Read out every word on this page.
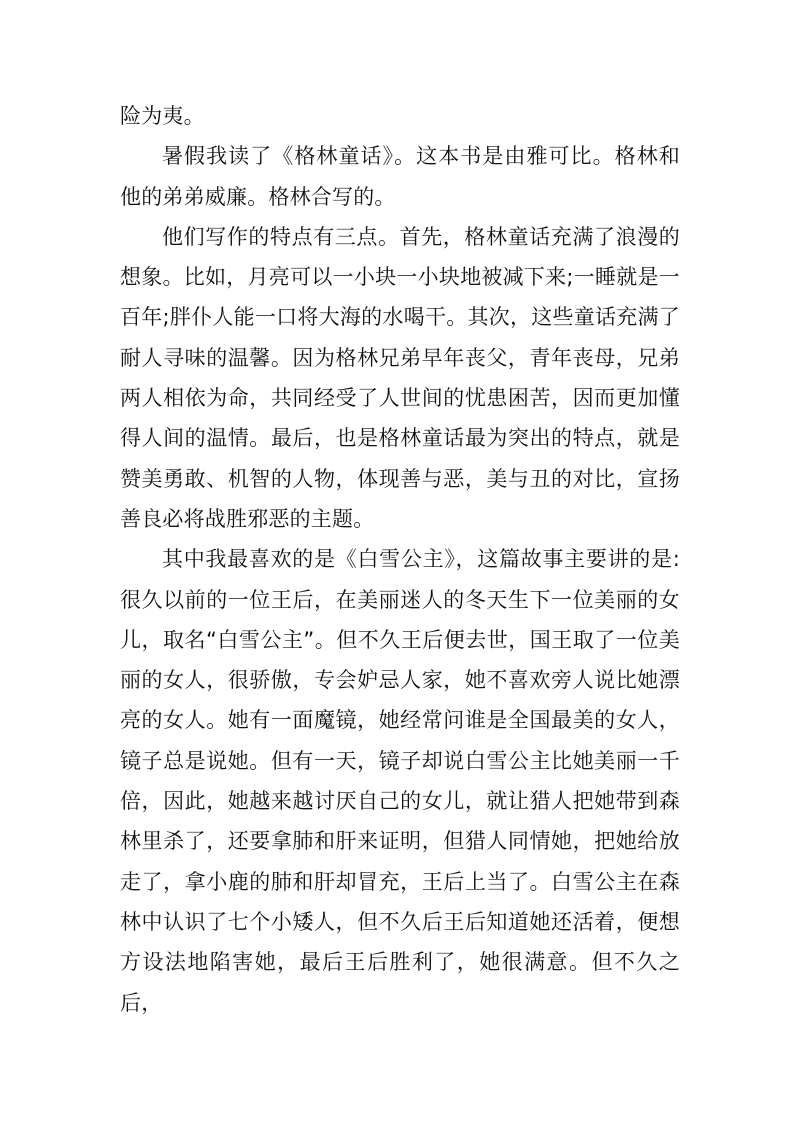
险为夷。

暑假我读了《格林童话》。这本书是由雅可比。格林和他的弟弟威廉。格林合写的。

他们写作的特点有三点。首先，格林童话充满了浪漫的想象。比如，月亮可以一小块一小块地被减下来;一睡就是一百年;胖仆人能一口将大海的水喝干。其次，这些童话充满了耐人寻味的温馨。因为格林兄弟早年丧父，青年丧母，兄弟两人相依为命，共同经受了人世间的忧患困苦，因而更加懂得人间的温情。最后，也是格林童话最为突出的特点，就是赞美勇敢、机智的人物，体现善与恶，美与丑的对比，宣扬善良必将战胜邪恶的主题。

其中我最喜欢的是《白雪公主》，这篇故事主要讲的是:很久以前的一位王后，在美丽迷人的冬天生下一位美丽的女儿，取名“白雪公主”。但不久王后便去世，国王取了一位美丽的女人，很骄傲，专会妒忌人家，她不喜欢旁人说比她漂亮的女人。她有一面魔镜，她经常问谁是全国最美的女人，镜子总是说她。但有一天，镜子却说白雪公主比她美丽一千倍，因此，她越来越讨厌自己的女儿，就让猎人把她带到森林里杀了，还要拿肺和肝来证明，但猎人同情她，把她给放走了，拿小鹿的肺和肝却冒充，王后上当了。白雪公主在森林中认识了七个小矮人，但不久后王后知道她还活着，便想方设法地陷害她，最后王后胜利了，她很满意。但不久之后，
